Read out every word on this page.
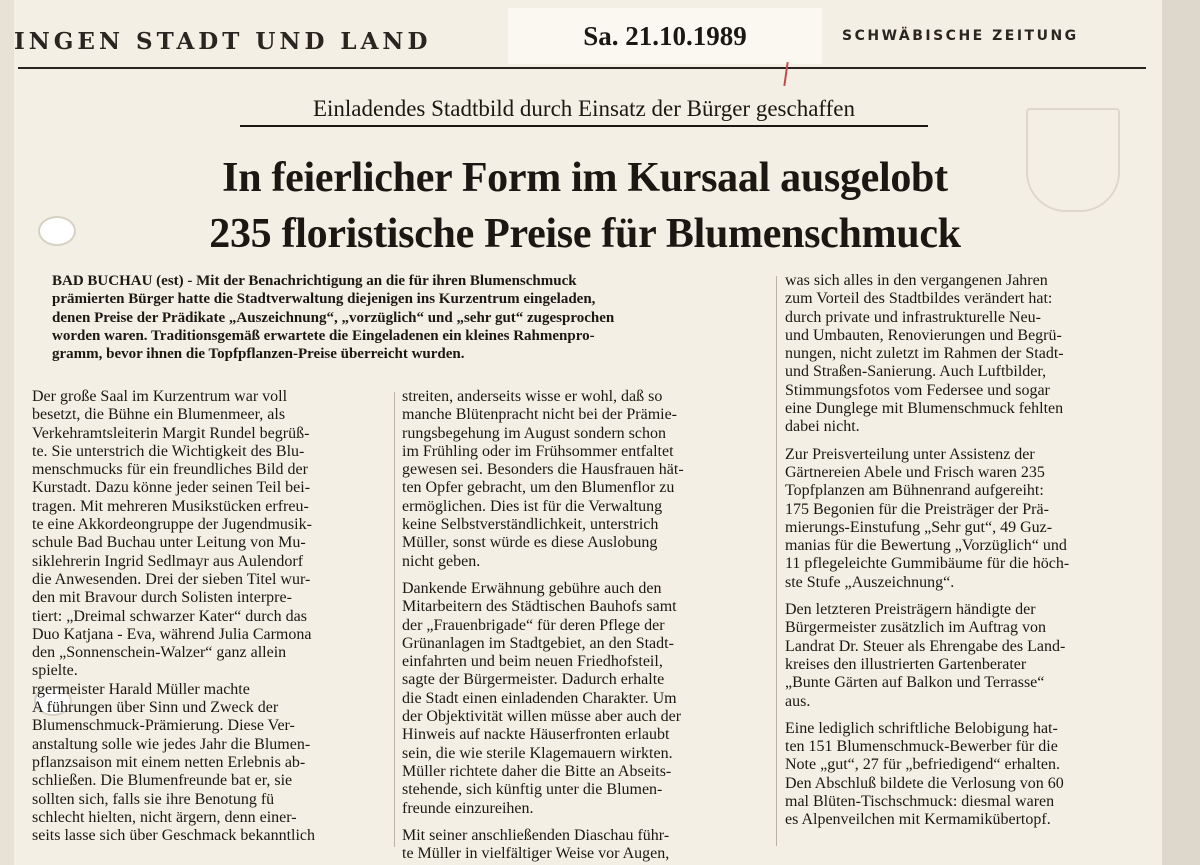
INGEN STADT UND LAND	Sa. 21.10.1989	SCHWÄBISCHE ZEITUNG
Einladendes Stadtbild durch Einsatz der Bürger geschaffen
In feierlicher Form im Kursaal ausgelobt
235 floristische Preise für Blumenschmuck
BAD BUCHAU (est) - Mit der Benachrichtigung an die für ihren Blumenschmuck
prämierten Bürger hatte die Stadtverwaltung diejenigen ins Kurzentrum eingeladen,
denen Preise der Prädikate „Auszeichnung“, „vorzüglich“ und „sehr gut“ zugesprochen
worden waren. Traditionsgemäß erwartete die Eingeladenen ein kleines Rahmenpro-
gramm, bevor ihnen die Topfpflanzen-Preise überreicht wurden.
Der große Saal im Kurzentrum war voll
besetzt, die Bühne ein Blumenmeer, als
Verkehramtsleiterin Margit Rundel begrüß-
te. Sie unterstrich die Wichtigkeit des Blu-
menschmucks für ein freundliches Bild der
Kurstadt. Dazu könne jeder seinen Teil bei-
tragen. Mit mehreren Musikstücken erfreu-
te eine Akkordeongruppe der Jugendmusik-
schule Bad Buchau unter Leitung von Mu-
siklehrerin Ingrid Sedlmayr aus Aulendorf
die Anwesenden. Drei der sieben Titel wur-
den mit Bravour durch Solisten interpre-
tiert: „Dreimal schwarzer Kater“ durch das
Duo Katjana - Eva, während Julia Carmona
den „Sonnenschein-Walzer“ ganz allein
spielte.
rgermeister Harald Müller machte
A führungen über Sinn und Zweck der
Blumenschmuck-Prämierung. Diese Ver-
anstaltung solle wie jedes Jahr die Blumen-
pflanzsaison mit einem netten Erlebnis ab-
schließen. Die Blumenfreunde bat er, sie
sollten sich, falls sie ihre Benotung fü
schlecht hielten, nicht ärgern, denn einer-
seits lasse sich über Geschmack bekanntlich
streiten, anderseits wisse er wohl, daß so
manche Blütenpracht nicht bei der Prämie-
rungsbegehung im August sondern schon
im Frühling oder im Frühsommer entfaltet
gewesen sei. Besonders die Hausfrauen hät-
ten Opfer gebracht, um den Blumenflor zu
ermöglichen. Dies ist für die Verwaltung
keine Selbstverständlichkeit, unterstrich
Müller, sonst würde es diese Auslobung
nicht geben.
Dankende Erwähnung gebühre auch den
Mitarbeitern des Städtischen Bauhofs samt
der „Frauenbrigade“ für deren Pflege der
Grünanlagen im Stadtgebiet, an den Stadt-
einfahrten und beim neuen Friedhofsteil,
sagte der Bürgermeister. Dadurch erhalte
die Stadt einen einladenden Charakter. Um
der Objektivität willen müsse aber auch der
Hinweis auf nackte Häuserfronten erlaubt
sein, die wie sterile Klagemauern wirkten.
Müller richtete daher die Bitte an Abseits-
stehende, sich künftig unter die Blumen-
freunde einzureihen.
Mit seiner anschließenden Diaschau führ-
te Müller in vielfältiger Weise vor Augen,
was sich alles in den vergangenen Jahren
zum Vorteil des Stadtbildes verändert hat:
durch private und infrastrukturelle Neu-
und Umbauten, Renovierungen und Begrü-
nungen, nicht zuletzt im Rahmen der Stadt-
und Straßen-Sanierung. Auch Luftbilder,
Stimmungsfotos vom Federsee und sogar
eine Dunglege mit Blumenschmuck fehlten
dabei nicht.
Zur Preisverteilung unter Assistenz der
Gärtnereien Abele und Frisch waren 235
Topfplanzen am Bühnenrand aufgereiht:
175 Begonien für die Preisträger der Prä-
mierungs-Einstufung „Sehr gut“, 49 Guz-
manias für die Bewertung „Vorzüglich“ und
11 pflegeleichte Gummibäume für die höch-
ste Stufe „Auszeichnung“.
Den letzteren Preisträgern händigte der
Bürgermeister zusätzlich im Auftrag von
Landrat Dr. Steuer als Ehrengabe des Land-
kreises den illustrierten Gartenberater
„Bunte Gärten auf Balkon und Terrasse“
aus.
Eine lediglich schriftliche Belobigung hat-
ten 151 Blumenschmuck-Bewerber für die
Note „gut“, 27 für „befriedigend“ erhalten.
Den Abschluß bildete die Verlosung von 60
mal Blüten-Tischschmuck: diesmal waren
es Alpenveilchen mit Kermamikübertopf.
